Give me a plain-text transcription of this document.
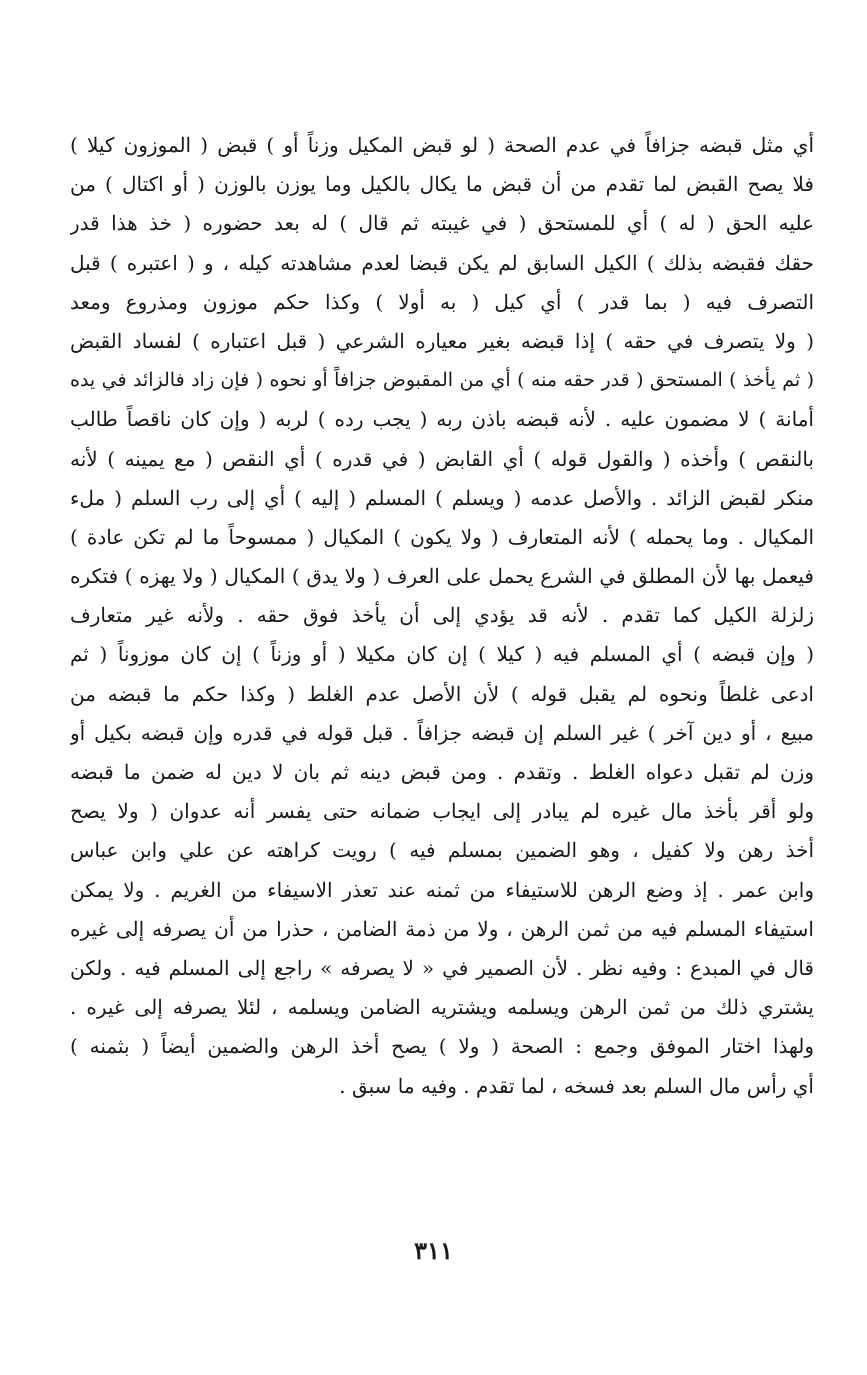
أي مثل قبضه جزافاً في عدم الصحة ( لو قبض المكيل وزناً أو ) قبض ( الموزون كيلا )
فلا يصح القبض لما تقدم من أن قبض ما يكال بالكيل وما يوزن بالوزن ( أو اكتال ) من
عليه الحق ( له ) أي للمستحق ( في غيبته ثم قال ) له بعد حضوره ( خذ هذا قدر
حقك فقبضه بذلك ) الكيل السابق لم يكن قبضا لعدم مشاهدته كيله ، و ( اعتبره ) قبل
التصرف فيه ( بما قدر ) أي كيل ( به أولا ) وكذا حكم موزون ومذروع ومعد
( ولا يتصرف في حقه ) إذا قبضه بغير معياره الشرعي ( قبل اعتباره ) لفساد القبض
( ثم يأخذ ) المستحق ( قدر حقه منه ) أي من المقبوض جزافاً أو نحوه ( فإن زاد فالزائد في يده
أمانة ) لا مضمون عليه . لأنه قبضه باذن ربه ( يجب رده ) لربه ( وإن كان ناقصاً طالب
بالنقص ) وأخذه ( والقول قوله ) أي القابض ( في قدره ) أي النقص ( مع يمينه ) لأنه
منكر لقبض الزائد . والأصل عدمه ( ويسلم ) المسلم ( إليه ) أي إلى رب السلم ( ملء
المكيال . وما يحمله ) لأنه المتعارف ( ولا يكون ) المكيال ( ممسوحاً ما لم تكن عادة )
فيعمل بها لأن المطلق في الشرع يحمل على العرف ( ولا يدق ) المكيال ( ولا يهزه ) فتكره
زلزلة الكيل كما تقدم . لأنه قد يؤدي إلى أن يأخذ فوق حقه . ولأنه غير متعارف
( وإن قبضه ) أي المسلم فيه ( كيلا ) إن كان مكيلا ( أو وزناً ) إن كان موزوناً ( ثم
ادعى غلطاً ونحوه لم يقبل قوله ) لأن الأصل عدم الغلط ( وكذا حكم ما قبضه من
مبيع ، أو دين آخر ) غير السلم إن قبضه جزافاً . قبل قوله في قدره وإن قبضه بكيل أو
وزن لم تقبل دعواه الغلط . وتقدم . ومن قبض دينه ثم بان لا دين له ضمن ما قبضه
ولو أقر بأخذ مال غيره لم يبادر إلى ايجاب ضمانه حتى يفسر أنه عدوان ( ولا يصح
أخذ رهن ولا كفيل ، وهو الضمين بمسلم فيه ) رويت كراهته عن علي وابن عباس
وابن عمر . إذ وضع الرهن للاستيفاء من ثمنه عند تعذر الاسيفاء من الغريم . ولا يمكن
استيفاء المسلم فيه من ثمن الرهن ، ولا من ذمة الضامن ، حذرا من أن يصرفه إلى غيره
قال في المبدع : وفيه نظر . لأن الصمير في « لا يصرفه » راجع إلى المسلم فيه . ولكن
يشتري ذلك من ثمن الرهن ويسلمه ويشتريه الضامن ويسلمه ، لئلا يصرفه إلى غيره .
ولهذا اختار الموفق وجمع : الصحة ( ولا ) يصح أخذ الرهن والضمين أيضاً ( بثمنه )
أي رأس مال السلم بعد فسخه ، لما تقدم . وفيه ما سبق .
٣١١
